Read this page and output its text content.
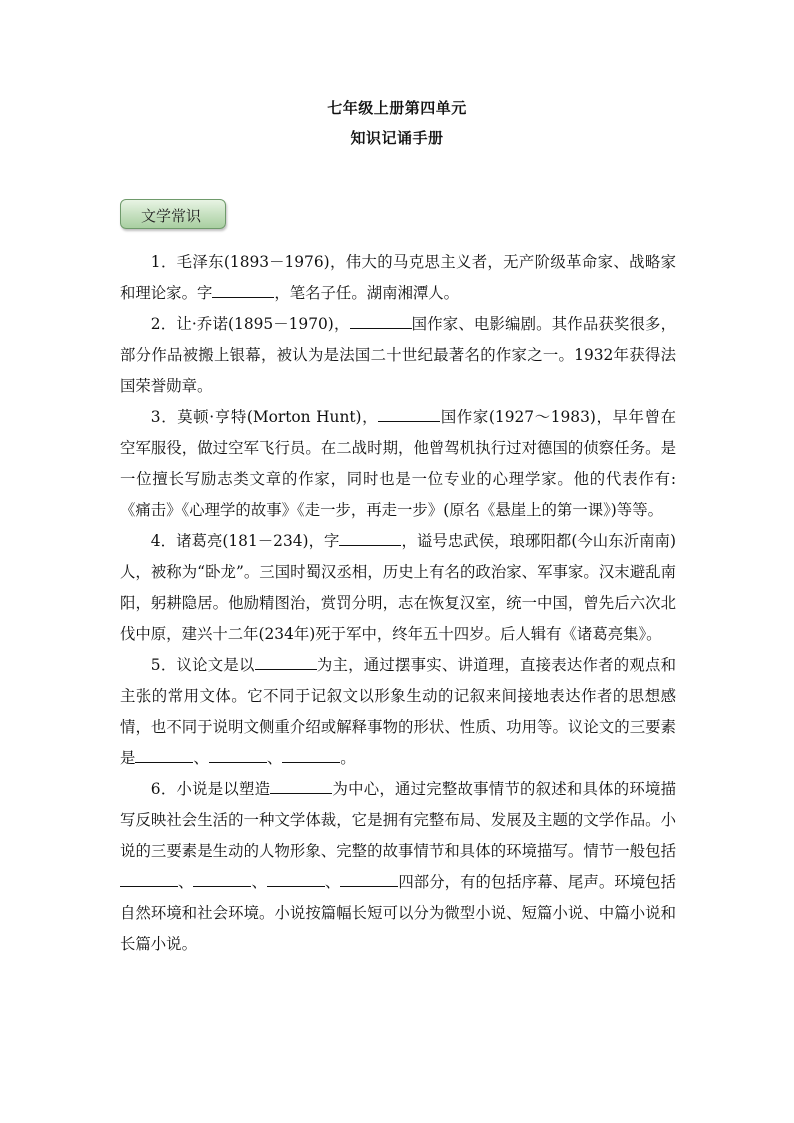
七年级上册第四单元
知识记诵手册
文学常识

1．毛泽东(1893－1976)，伟大的马克思主义者，无产阶级革命家、战略家和理论家。字	，笔名子任。湖南湘潭人。

2．让·乔诺(1895－1970)，	国作家、电影编剧。其作品获奖很多，部分作品被搬上银幕，被认为是法国二十世纪最著名的作家之一。1932年获得法国荣誉勋章。

3．莫顿·亨特(Morton Hunt)，	国作家(1927～1983)，早年曾在空军服役，做过空军飞行员。在二战时期，他曾驾机执行过对德国的侦察任务。是一位擅长写励志类文章的作家，同时也是一位专业的心理学家。他的代表作有:《痛击》《心理学的故事》《走一步，再走一步》(原名《悬崖上的第一课》)等等。

4．诸葛亮(181－234)，字	，谥号忠武侯，琅琊阳都(今山东沂南南)人，被称为“卧龙”。三国时蜀汉丞相，历史上有名的政治家、军事家。汉末避乱南阳，躬耕隐居。他励精图治，赏罚分明，志在恢复汉室，统一中国，曾先后六次北伐中原，建兴十二年(234年)死于军中，终年五十四岁。后人辑有《诸葛亮集》。

5．议论文是以	为主，通过摆事实、讲道理，直接表达作者的观点和主张的常用文体。它不同于记叙文以形象生动的记叙来间接地表达作者的思想感情，也不同于说明文侧重介绍或解释事物的形状、性质、功用等。议论文的三要素是	、	、	。

6．小说是以塑造	为中心，通过完整故事情节的叙述和具体的环境描写反映社会生活的一种文学体裁，它是拥有完整布局、发展及主题的文学作品。小说的三要素是生动的人物形象、完整的故事情节和具体的环境描写。情节一般包括、	、	、	四部分，有的包括序幕、尾声。环境包括自然环境和社会环境。小说按篇幅长短可以分为微型小说、短篇小说、中篇小说和长篇小说。
